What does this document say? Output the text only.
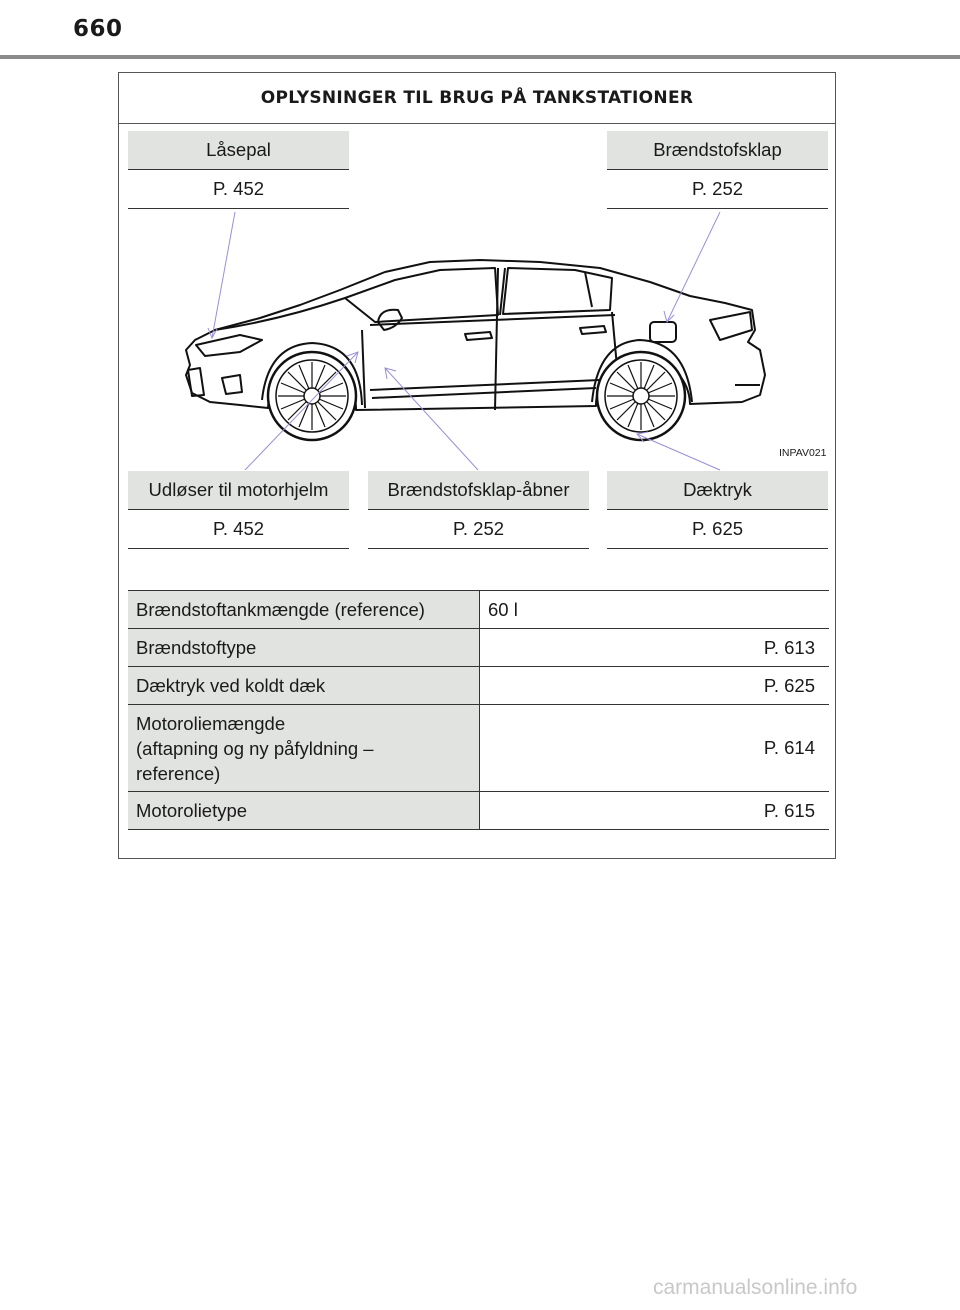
660
OPLYSNINGER TIL BRUG PÅ TANKSTATIONER
Låsepal
P. 452
Brændstofsklap
P. 252
Udløser til motorhjelm
P. 452
Brændstofsklap-åbner
P. 252
Dæktryk
P. 625
INPAV021
Brændstoftankmængde (reference)	60 l
Brændstoftype	P. 613
Dæktryk ved koldt dæk	P. 625

Motoroliemængde
(aftapning og ny påfyldning –
reference)	P. 614
Motorolietype	P. 615
carmanualsonline.info
